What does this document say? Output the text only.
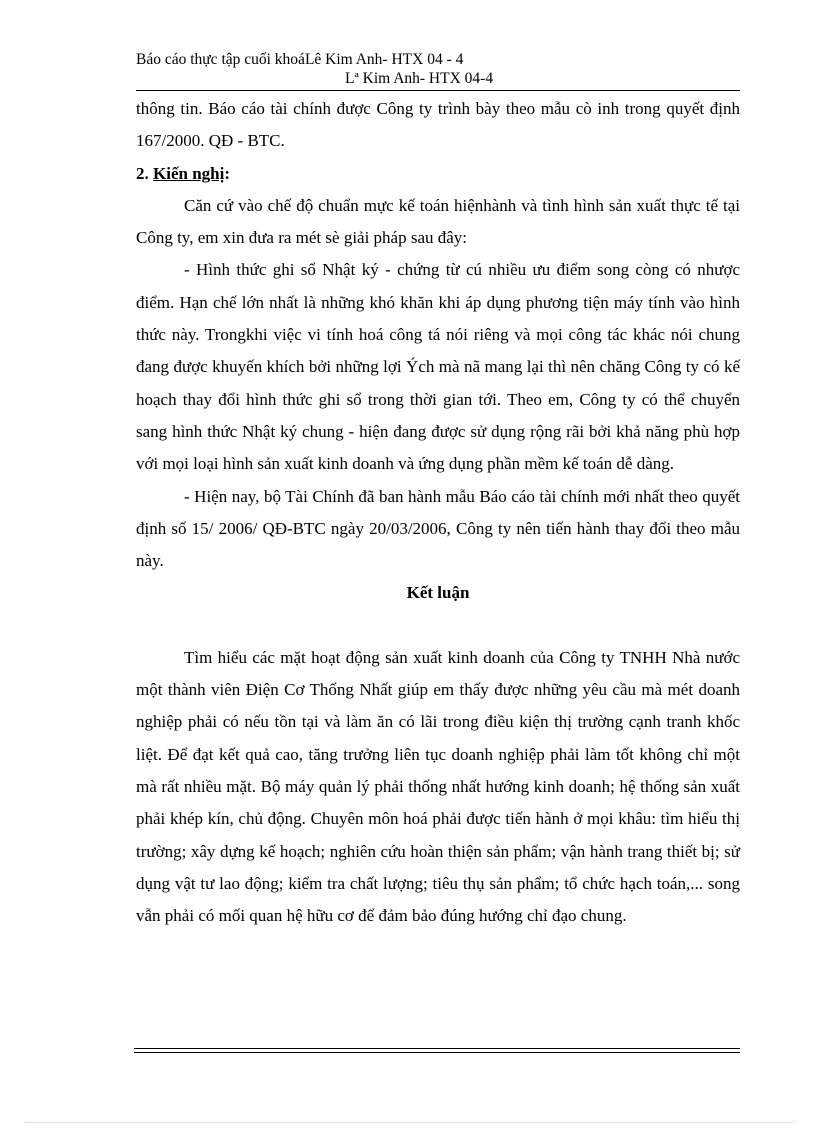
Báo cáo thực tập cuối khoáLê Kim Anh- HTX 04 - 4
Lª Kim Anh- HTX 04-4

thông tin. Báo cáo tài chính được Công ty trình bày theo mẫu cò inh trong quyết định 167/2000. QĐ - BTC.

2. Kiến nghị:

Căn cứ vào chế độ chuẩn mực kế toán hiệnhành và tình hình sản xuất thực tế tại Công ty, em xin đưa ra mét sè giải pháp sau đây:

- Hình thức ghi sổ Nhật ký - chứng từ cú nhiều ưu điểm song còng có nhược điểm. Hạn chế lớn nhất là những khó khăn khi áp dụng phương tiện máy tính vào hình thức này. Trongkhi việc vi tính hoá công tá nói riêng và mọi công tác khác nói chung đang được khuyến khích bởi những lợi Ých mà nã mang lại thì nên chăng Công ty có kế hoạch thay đổi hình thức ghi sổ trong thời gian tới. Theo em, Công ty có thể chuyển sang hình thức Nhật ký chung - hiện đang được sử dụng rộng rãi bởi khả năng phù hợp với mọi loại hình sản xuất kinh doanh và ứng dụng phần mềm kế toán dễ dàng.

- Hiện nay, bộ Tài Chính đã ban hành mẫu Báo cáo tài chính mới nhất theo quyết định số 15/ 2006/ QĐ-BTC ngày 20/03/2006, Công ty nên tiến hành thay đổi theo mẫu này.

Kết luận

Tìm hiểu các mặt hoạt động sản xuất kinh doanh của Công ty TNHH Nhà nước một thành viên Điện Cơ Thống Nhất giúp em thấy được những yêu cầu mà mét doanh nghiệp phải có nếu tồn tại và làm ăn có lãi trong điều kiện thị trường cạnh tranh khốc liệt. Để đạt kết quả cao, tăng trưởng liên tục doanh nghiệp phải làm tốt không chỉ một mà rất nhiều mặt. Bộ máy quản lý phải thống nhất hướng kinh doanh; hệ thống sản xuất phải khép kín, chủ động. Chuyên môn hoá phải được tiến hành ở mọi khâu: tìm hiểu thị trường; xây dựng kế hoạch; nghiên cứu hoàn thiện sản phẩm; vận hành trang thiết bị; sử dụng vật tư lao động; kiểm tra chất lượng; tiêu thụ sản phẩm; tổ chức hạch toán,... song vẫn phải có mối quan hệ hữu cơ để đảm bảo đúng hướng chỉ đạo chung.
